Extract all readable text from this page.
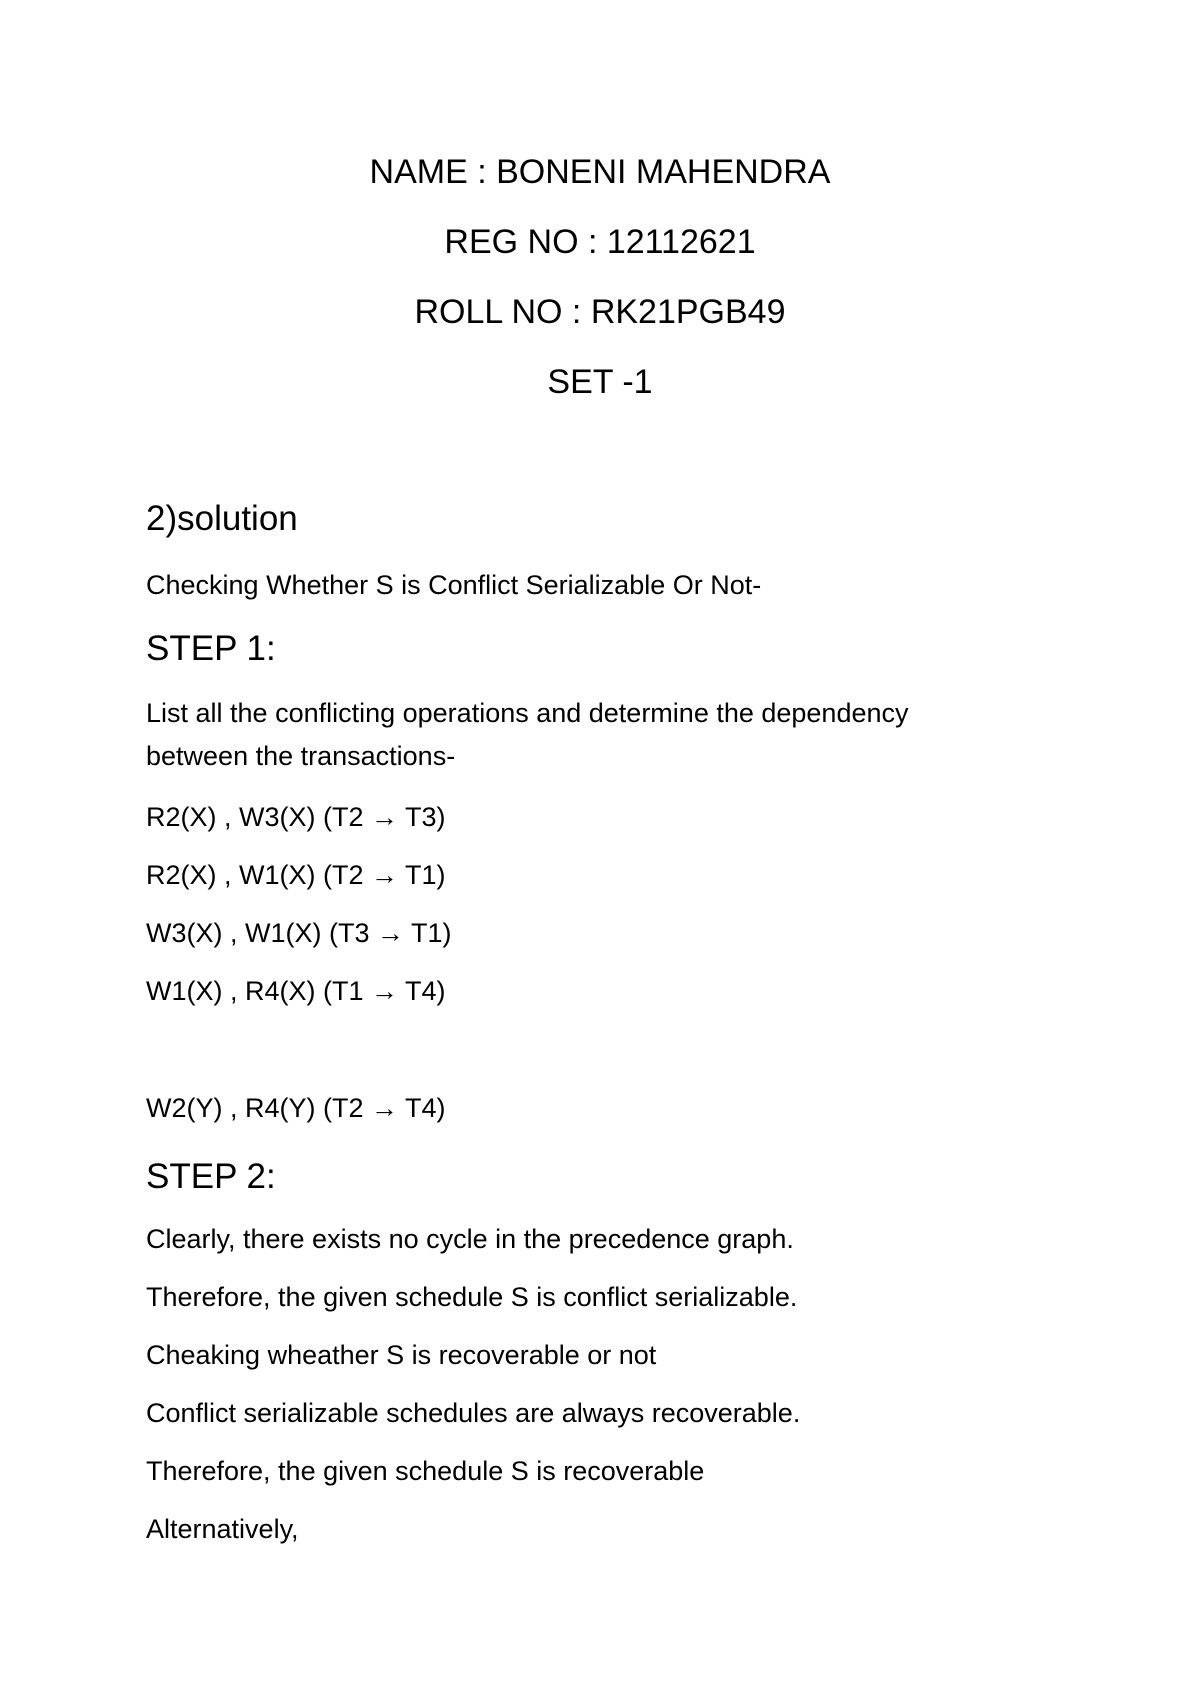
NAME : BONENI MAHENDRA
REG NO : 12112621
ROLL NO : RK21PGB49
SET -1
2)solution
Checking Whether S is Conflict Serializable Or Not-
STEP 1:
List all the conflicting operations and determine the dependency
between the transactions-
R2(X) , W3(X) (T2 → T3)
R2(X) , W1(X) (T2 → T1)
W3(X) , W1(X) (T3 → T1)
W1(X) , R4(X) (T1 → T4)
W2(Y) , R4(Y) (T2 → T4)
STEP 2:
Clearly, there exists no cycle in the precedence graph.
Therefore, the given schedule S is conflict serializable.
Cheaking wheather S is recoverable or not
Conflict serializable schedules are always recoverable.
Therefore, the given schedule S is recoverable
Alternatively,
